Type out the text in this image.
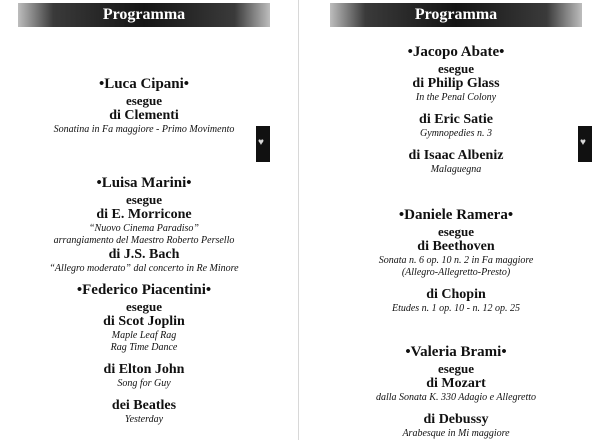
Programma
•Luca Cipani•
esegue
di Clementi
Sonatina in Fa maggiore - Primo Movimento
•Luisa Marini•
esegue
di E. Morricone
“Nuovo Cinema Paradiso”
arrangiamento del Maestro Roberto Persello
di J.S. Bach
“Allegro moderato” dal concerto in Re Minore
•Federico Piacentini•
esegue
di Scot Joplin
Maple Leaf Rag
Rag Time Dance
di Elton John
Song for Guy
dei Beatles
Yesterday
♥
Programma
•Jacopo Abate•
esegue
di Philip Glass
In the Penal Colony
di Eric Satie
Gymnopedies n. 3
di Isaac Albeniz
Malaguegna
•Daniele Ramera•
esegue
di Beethoven
Sonata n. 6 op. 10 n. 2 in Fa maggiore
(Allegro-Allegretto-Presto)
di Chopin
Etudes n. 1 op. 10 - n. 12 op. 25
•Valeria Brami•
esegue
di Mozart
dalla Sonata K. 330 Adagio e Allegretto
di Debussy
Arabesque in Mi maggiore
♥
